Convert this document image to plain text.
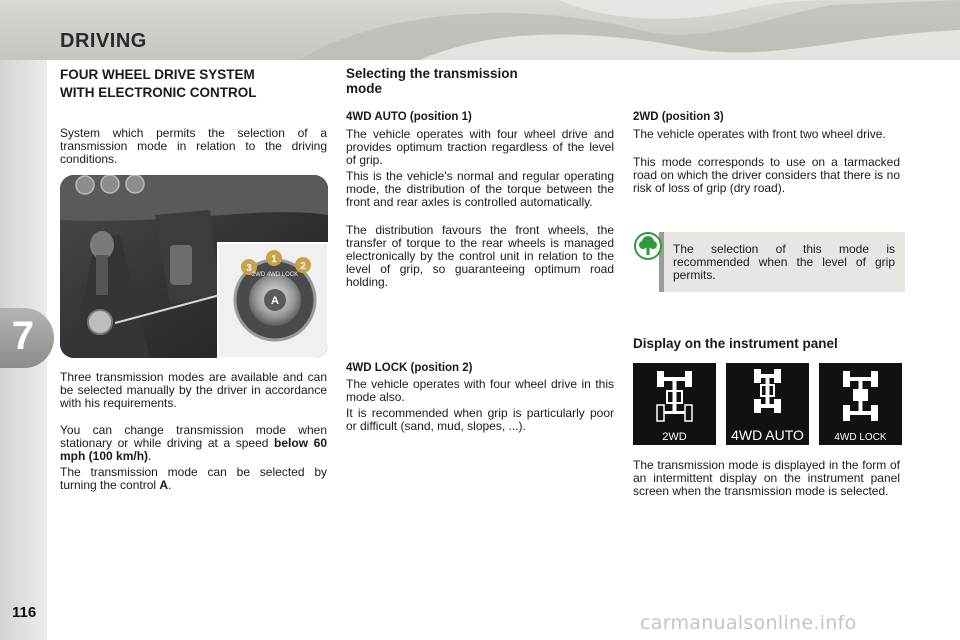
DRIVING
7
116
FOUR WHEEL DRIVE SYSTEM
WITH ELECTRONIC CONTROL

System which permits the selection of a transmission mode in relation to the driving conditions.

A
3
1
2
2WD 4WD LOCK

Three transmission modes are available and can be selected manually by the driver in accordance with his requirements.

You can change transmission mode when stationary or while driving at a speed below 60 mph (100 km/h).

The transmission mode can be selected by turning the control A.

Selecting the transmission
mode
4WD AUTO (position 1)

The vehicle operates with four wheel drive and provides optimum traction regardless of the level of grip.

This is the vehicle's normal and regular operating mode, the distribution of the torque between the front and rear axles is controlled automatically.

The distribution favours the front wheels, the transfer of torque to the rear wheels is managed electronically by the control unit in relation to the level of grip, so guaranteeing optimum road holding.

4WD LOCK (position 2)

The vehicle operates with four wheel drive in this mode also.

It is recommended when grip is particularly poor or difficult (sand, mud, slopes, ...).

2WD (position 3)

The vehicle operates with front two wheel drive.

This mode corresponds to use on a tarmacked road on which the driver considers that there is no risk of loss of grip (dry road).

The selection of this mode is recommended when the level of grip permits.
Display on the instrument panel
2WD	4WD AUTO	4WD LOCK

The transmission mode is displayed in the form of an intermittent display on the instrument panel screen when the transmission mode is selected.

carmanualsonline.info
